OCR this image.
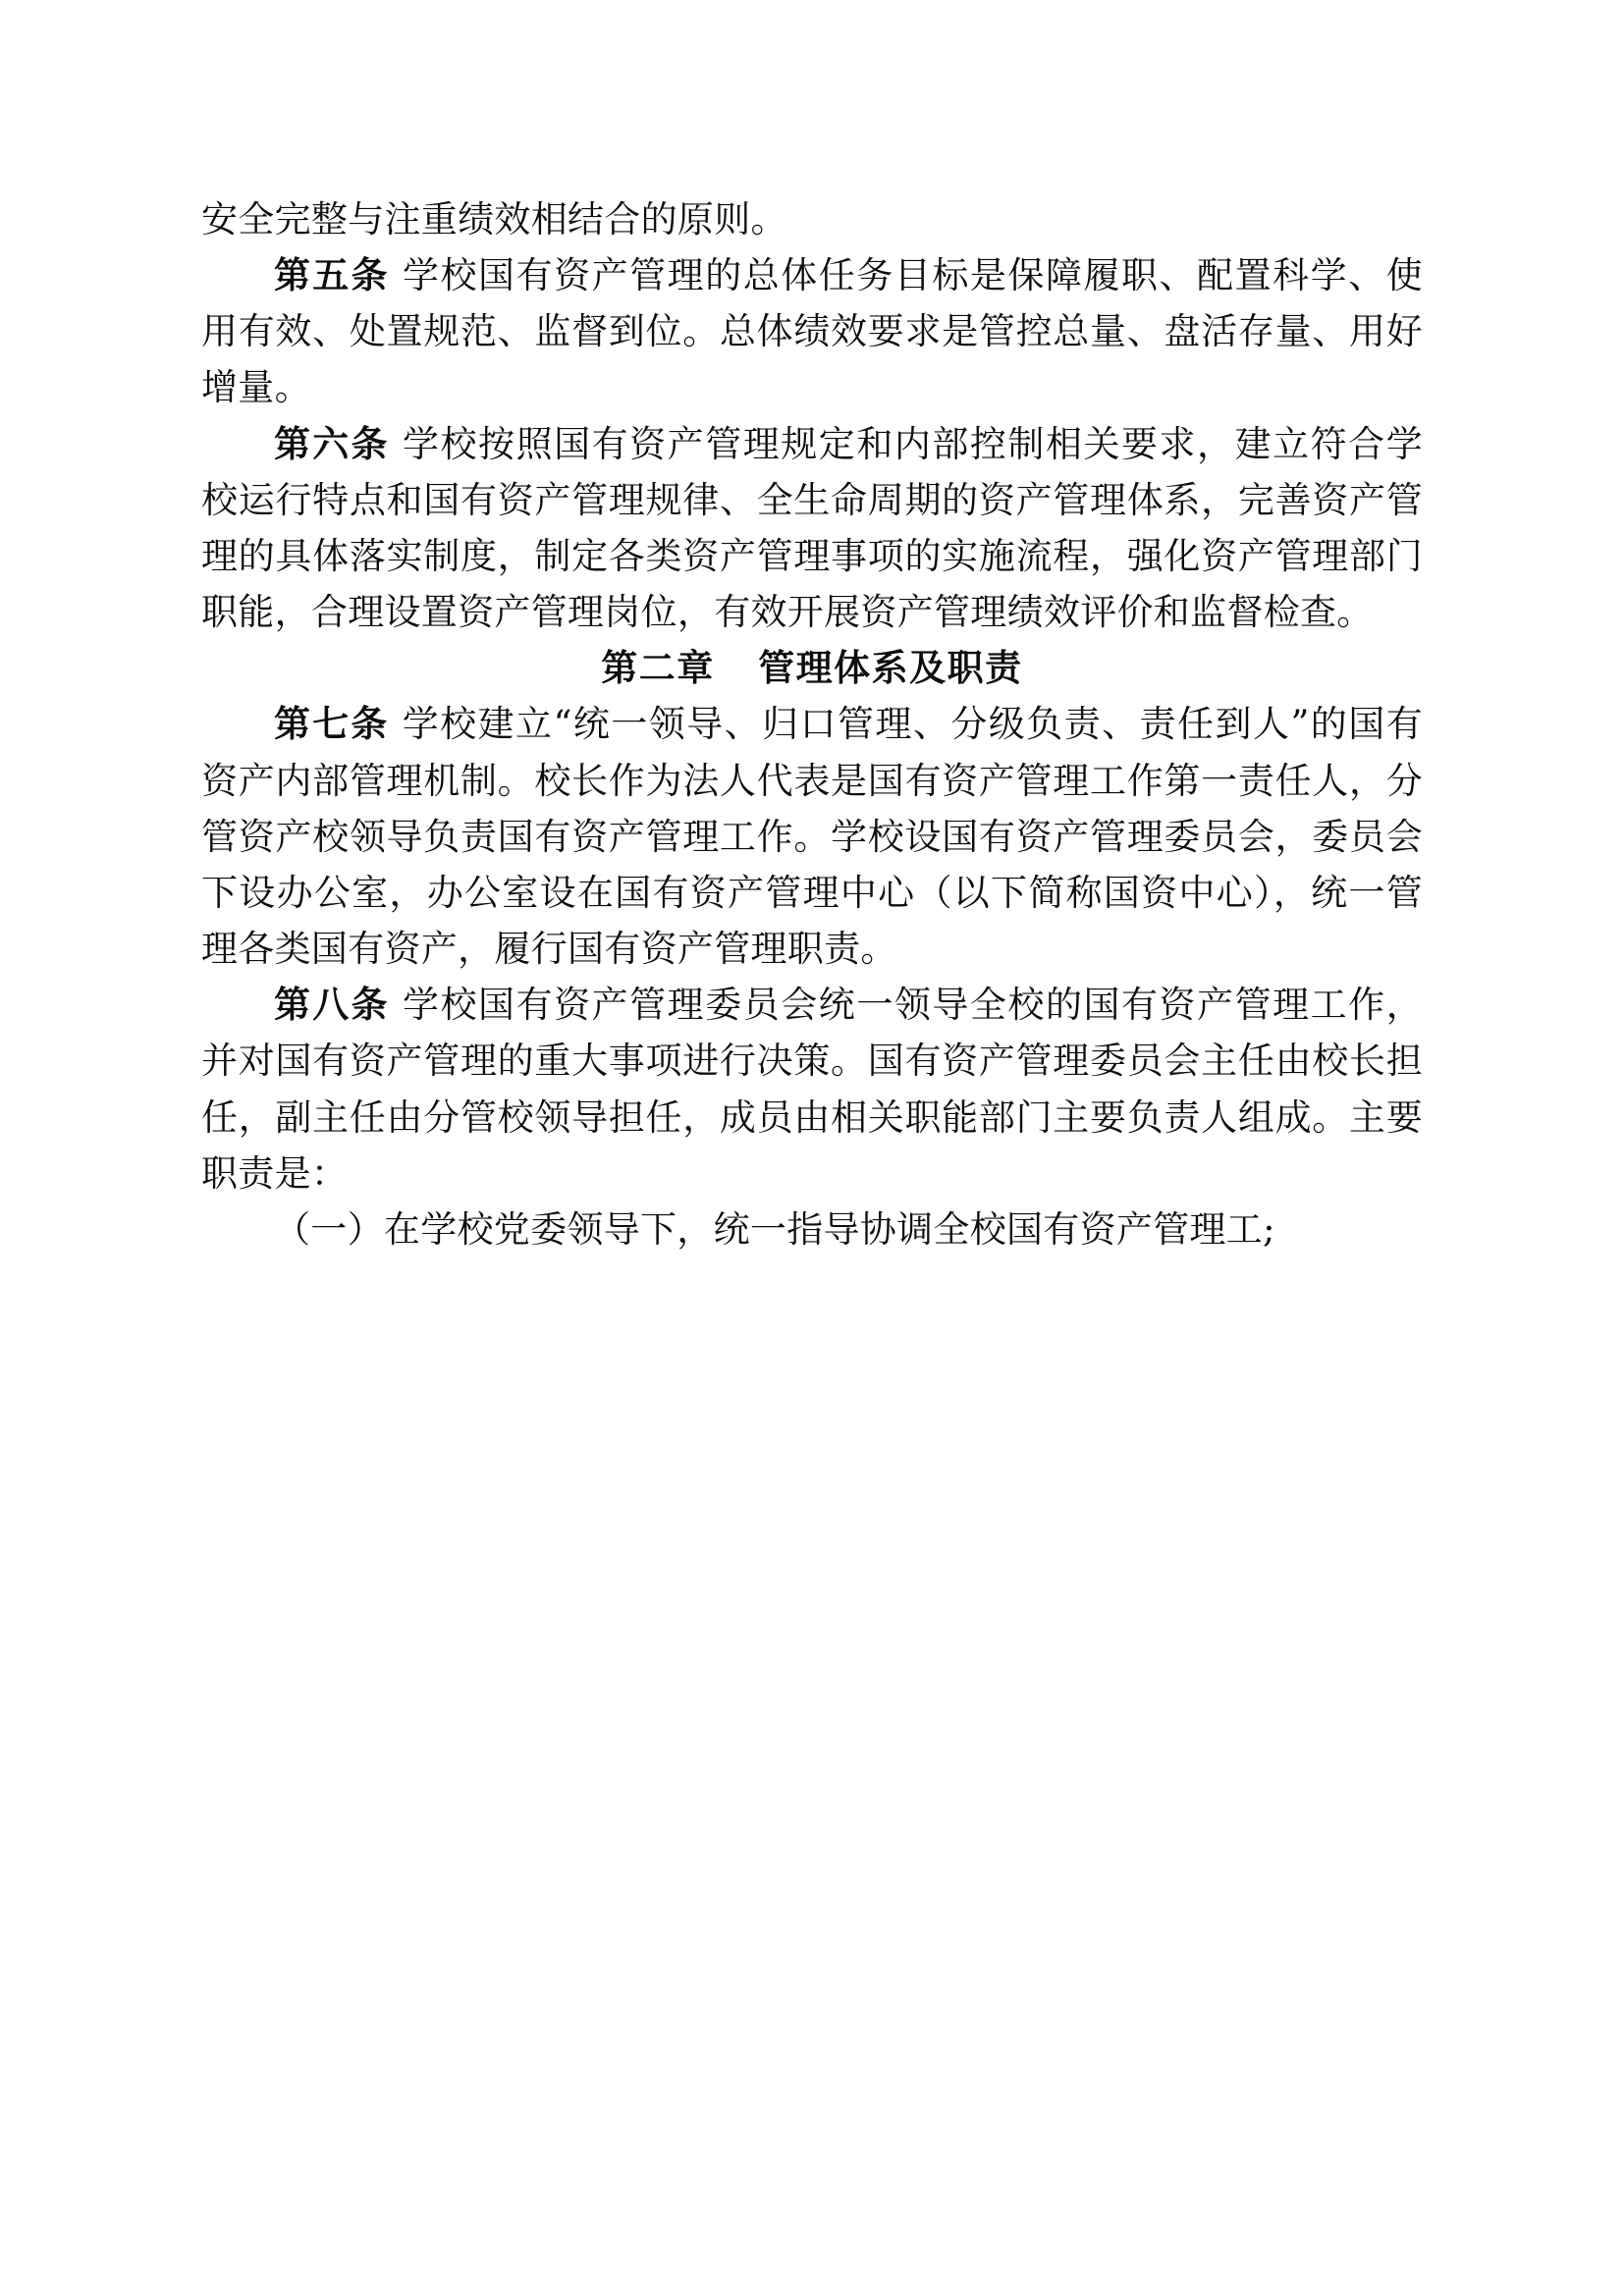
安全完整与注重绩效相结合的原则。

第五条 学校国有资产管理的总体任务目标是保障履职、配置科学、使用有效、处置规范、监督到位。总体绩效要求是管控总量、盘活存量、用好增量。

第六条 学校按照国有资产管理规定和内部控制相关要求，建立符合学校运行特点和国有资产管理规律、全生命周期的资产管理体系，完善资产管理的具体落实制度，制定各类资产管理事项的实施流程，强化资产管理部门职能，合理设置资产管理岗位，有效开展资产管理绩效评价和监督检查。

第二章 管理体系及职责

第七条 学校建立“统一领导、归口管理、分级负责、责任到人”的国有资产内部管理机制。校长作为法人代表是国有资产管理工作第一责任人，分管资产校领导负责国有资产管理工作。学校设国有资产管理委员会，委员会下设办公室，办公室设在国有资产管理中心（以下简称国资中心），统一管理各类国有资产，履行国有资产管理职责。

第八条 学校国有资产管理委员会统一领导全校的国有资产管理工作，并对国有资产管理的重大事项进行决策。国有资产管理委员会主任由校长担任，副主任由分管校领导担任，成员由相关职能部门主要负责人组成。主要职责是：

（一）在学校党委领导下，统一指导协调全校国有资产管理工;
